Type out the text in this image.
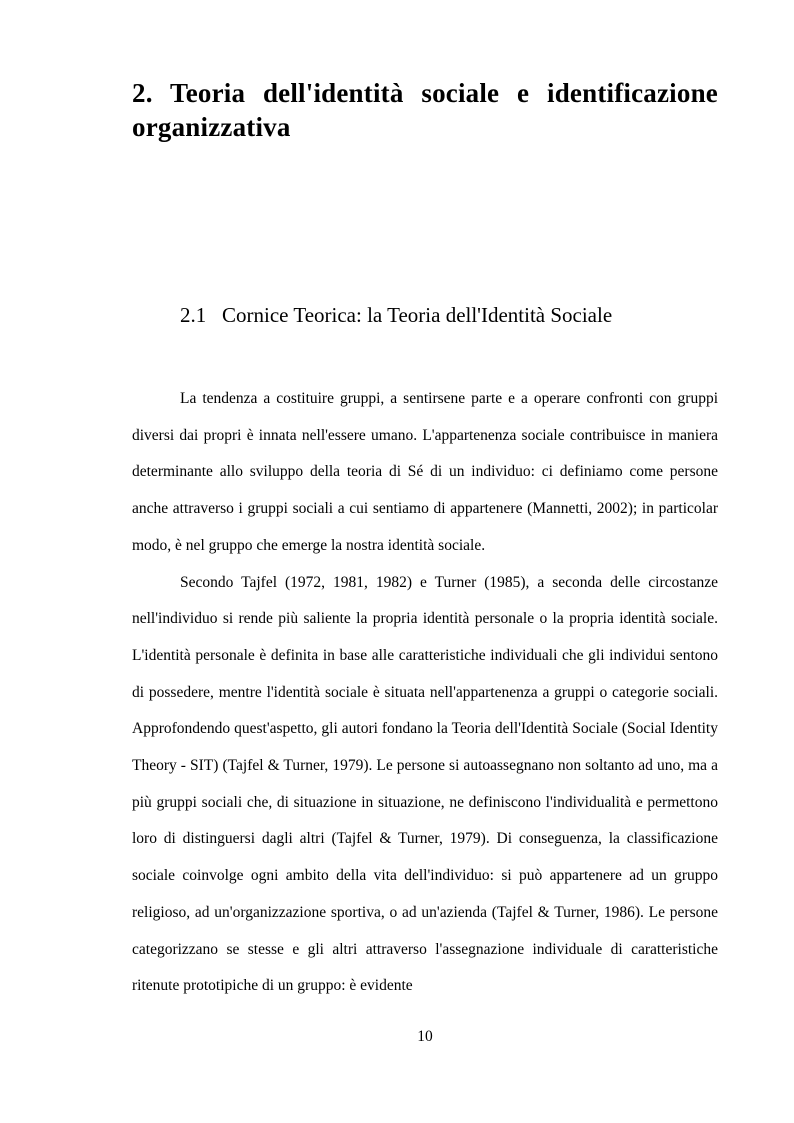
2. Teoria dell'identità sociale e identificazione organizzativa
2.1 Cornice Teorica: la Teoria dell'Identità Sociale

La tendenza a costituire gruppi, a sentirsene parte e a operare confronti con gruppi diversi dai propri è innata nell'essere umano. L'appartenenza sociale contribuisce in maniera determinante allo sviluppo della teoria di Sé di un individuo: ci definiamo come persone anche attraverso i gruppi sociali a cui sentiamo di appartenere (Mannetti, 2002); in particolar modo, è nel gruppo che emerge la nostra identità sociale.

Secondo Tajfel (1972, 1981, 1982) e Turner (1985), a seconda delle circostanze nell'individuo si rende più saliente la propria identità personale o la propria identità sociale. L'identità personale è definita in base alle caratteristiche individuali che gli individui sentono di possedere, mentre l'identità sociale è situata nell'appartenenza a gruppi o categorie sociali. Approfondendo quest'aspetto, gli autori fondano la Teoria dell'Identità Sociale (Social Identity Theory - SIT) (Tajfel & Turner, 1979). Le persone si autoassegnano non soltanto ad uno, ma a più gruppi sociali che, di situazione in situazione, ne definiscono l'individualità e permettono loro di distinguersi dagli altri (Tajfel & Turner, 1979). Di conseguenza, la classificazione sociale coinvolge ogni ambito della vita dell'individuo: si può appartenere ad un gruppo religioso, ad un'organizzazione sportiva, o ad un'azienda (Tajfel & Turner, 1986). Le persone categorizzano se stesse e gli altri attraverso l'assegnazione individuale di caratteristiche ritenute prototipiche di un gruppo: è evidente

10
